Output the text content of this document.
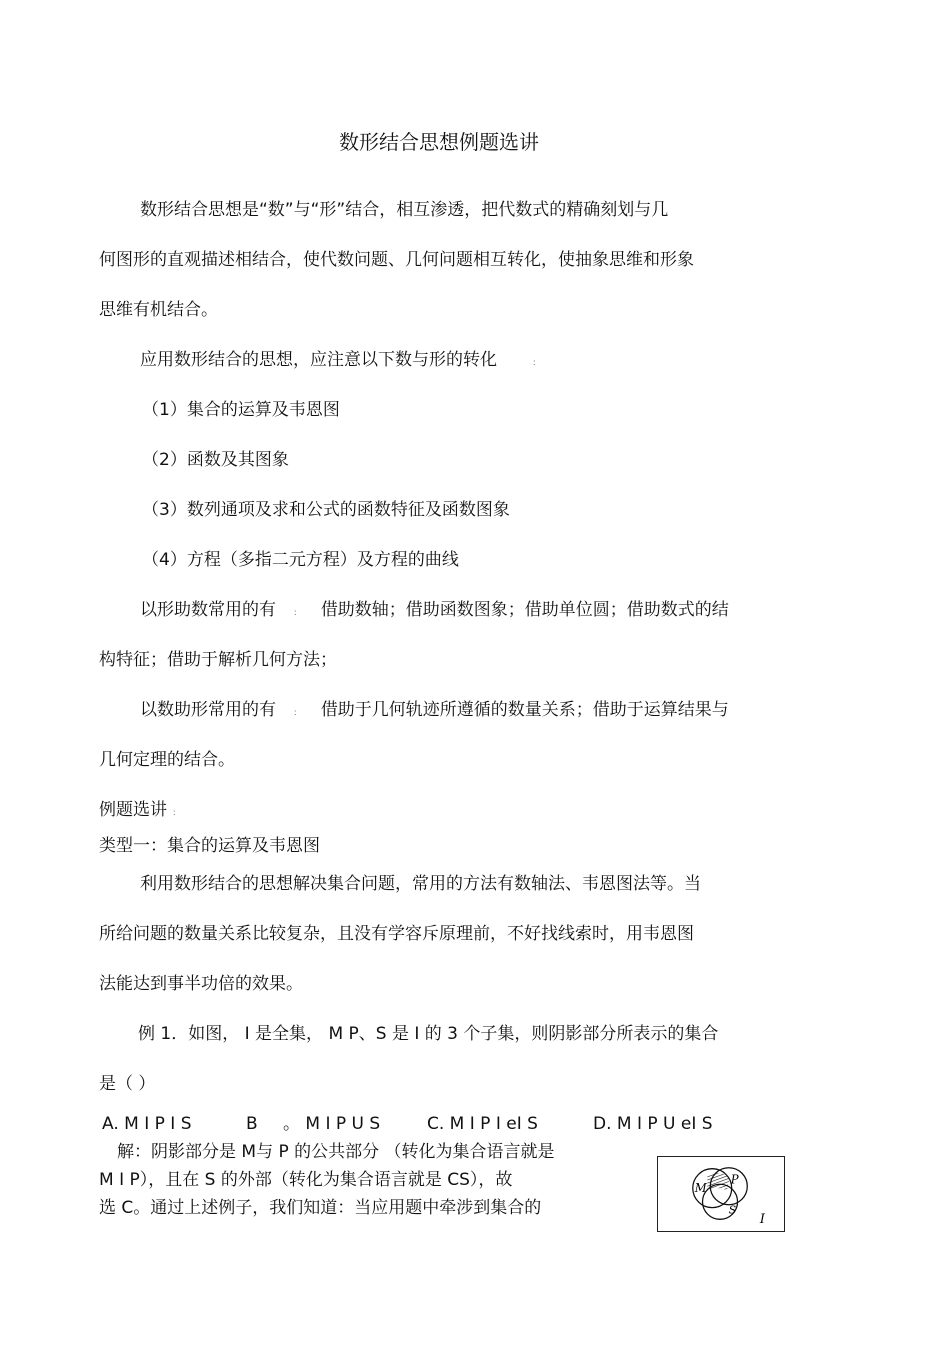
数形结合思想例题选讲
数形结合思想是“数”与“形”结合，相互渗透，把代数式的精确刻划与几
何图形的直观描述相结合，使代数问题、几何问题相互转化，使抽象思维和形象
思维有机结合。
应用数形结合的思想，应注意以下数与形的转化	：
（1）集合的运算及韦恩图
（2）函数及其图象
（3）数列通项及求和公式的函数特征及函数图象
（4）方程（多指二元方程）及方程的曲线
以形助数常用的有 ： 借助数轴；借助函数图象；借助单位圆；借助数式的结
构特征；借助于解析几何方法；
以数助形常用的有 ： 借助于几何轨迹所遵循的数量关系；借助于运算结果与
几何定理的结合。
例题选讲 ：
类型一：集合的运算及韦恩图
利用数形结合的思想解决集合问题，常用的方法有数轴法、韦恩图法等。当
所给问题的数量关系比较复杂，且没有学容斥原理前，不好找线索时，用韦恩图
法能达到事半功倍的效果。
例 1．如图， I 是全集， M P、S 是 I 的 3 个子集，则阴影部分所表示的集合
是（ ）
A. M I P I S	B 。 M I P U S	C. M I P I eI S	D. M I P U eI S
解：阴影部分是 M与 P 的公共部分 （转化为集合语言就是
M I P），且在 S 的外部（转化为集合语言就是 CS），故
选 C。通过上述例子，我们知道：当应用题中牵涉到集合的
M
P
S
I
